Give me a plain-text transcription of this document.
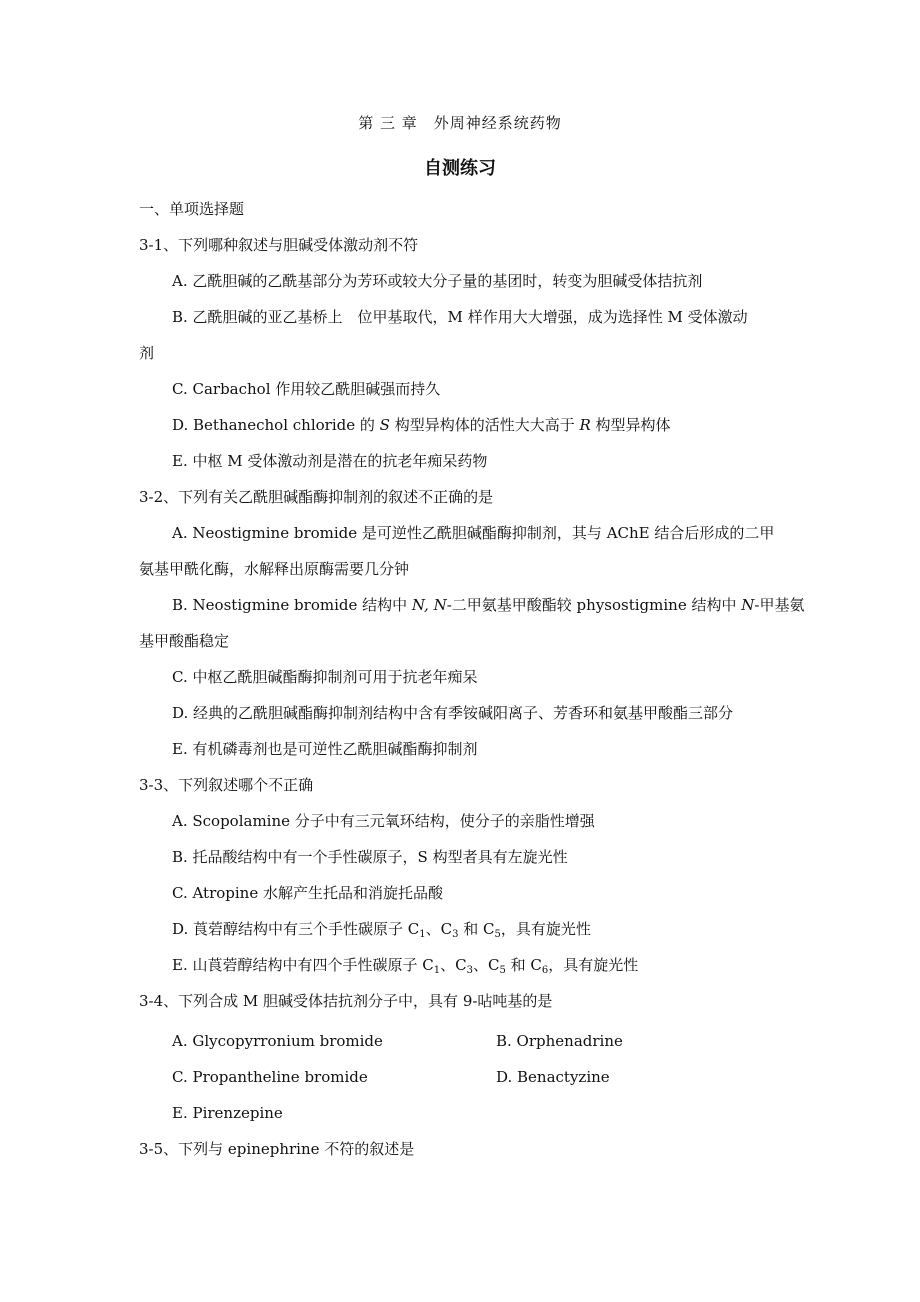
第 三 章　外周神经系统药物
自测练习
一、单项选择题
3-1、下列哪种叙述与胆碱受体激动剂不符
A. 乙酰胆碱的乙酰基部分为芳环或较大分子量的基团时，转变为胆碱受体拮抗剂
B. 乙酰胆碱的亚乙基桥上　位甲基取代，M 样作用大大增强，成为选择性 M 受体激动
剂
C. Carbachol 作用较乙酰胆碱强而持久
D. Bethanechol chloride 的 S 构型异构体的活性大大高于 R 构型异构体
E. 中枢 M 受体激动剂是潜在的抗老年痴呆药物
3-2、下列有关乙酰胆碱酯酶抑制剂的叙述不正确的是
A. Neostigmine bromide 是可逆性乙酰胆碱酯酶抑制剂，其与 AChE 结合后形成的二甲
氨基甲酰化酶，水解释出原酶需要几分钟
B. Neostigmine bromide 结构中 N, N-二甲氨基甲酸酯较 physostigmine 结构中 N-甲基氨
基甲酸酯稳定
C. 中枢乙酰胆碱酯酶抑制剂可用于抗老年痴呆
D. 经典的乙酰胆碱酯酶抑制剂结构中含有季铵碱阳离子、芳香环和氨基甲酸酯三部分
E. 有机磷毒剂也是可逆性乙酰胆碱酯酶抑制剂
3-3、下列叙述哪个不正确
A. Scopolamine 分子中有三元氧环结构，使分子的亲脂性增强
B. 托品酸结构中有一个手性碳原子，S 构型者具有左旋光性
C. Atropine 水解产生托品和消旋托品酸
D. 莨菪醇结构中有三个手性碳原子 $C_1$、$C_3$ 和 $C_5$，具有旋光性
E. 山莨菪醇结构中有四个手性碳原子 $C_1$、$C_3$、$C_5$ 和 $C_6$，具有旋光性
3-4、下列合成 M 胆碱受体拮抗剂分子中，具有 9-呫吨基的是
A. Glycopyrronium bromide	B. Orphenadrine
C. Propantheline bromide	D. Benactyzine
E. Pirenzepine
3-5、下列与 epinephrine 不符的叙述是
